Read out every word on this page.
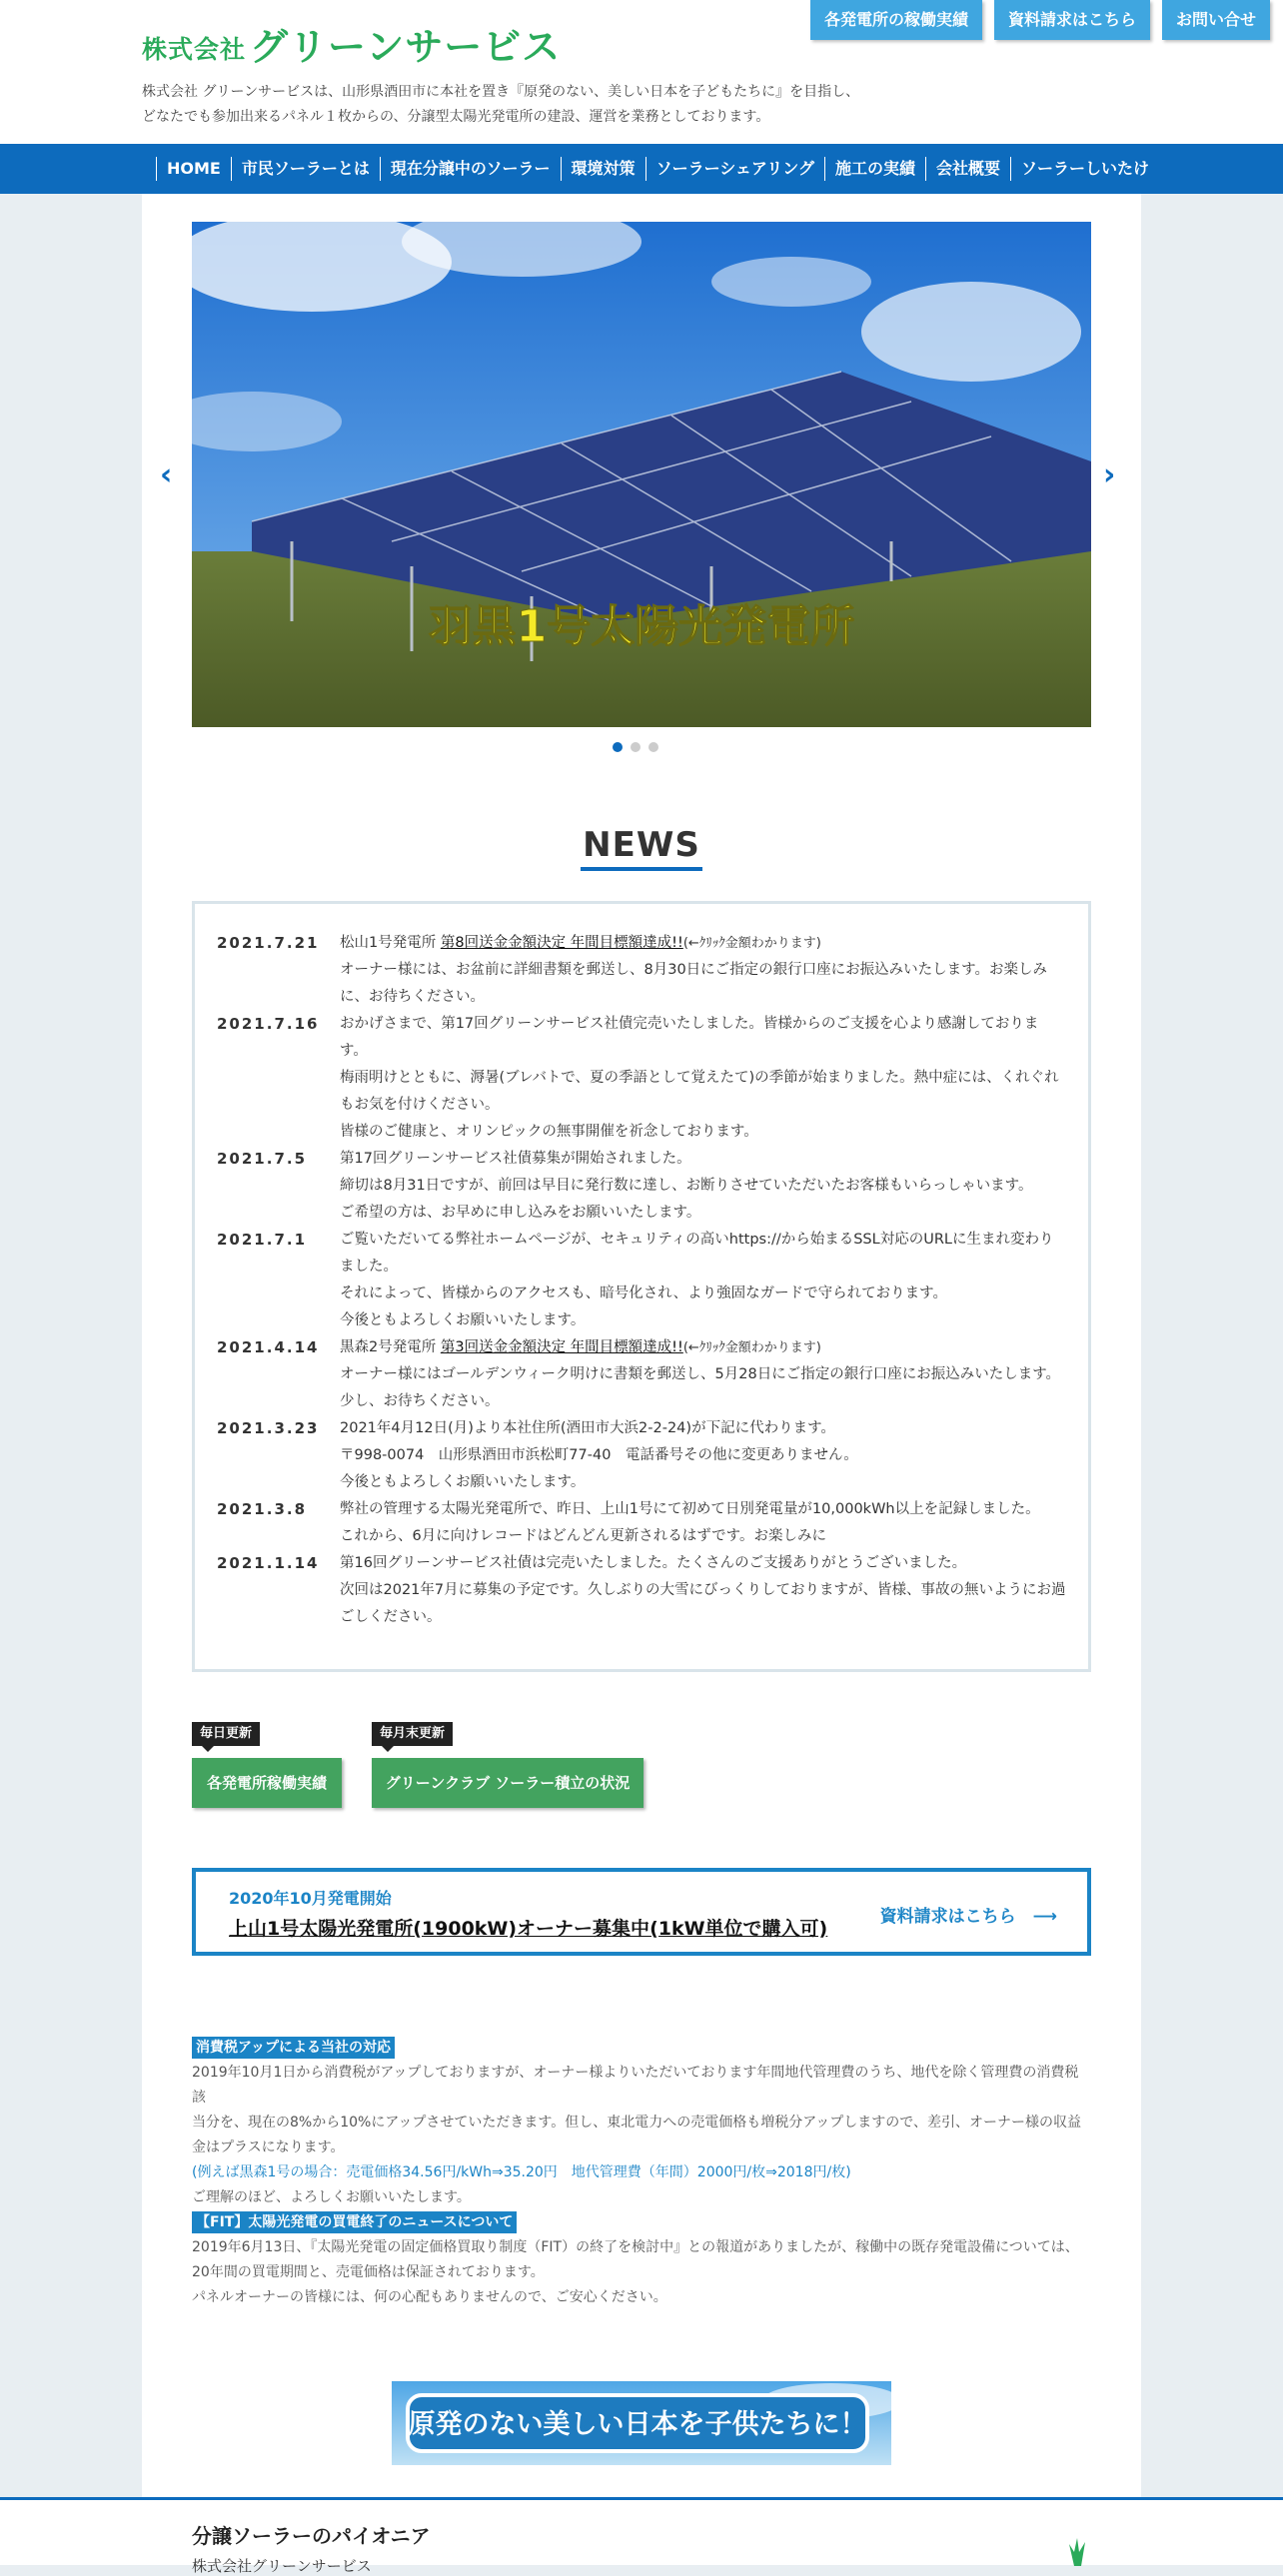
株式会社 グリーンサービス
株式会社 グリーンサービスは、山形県酒田市に本社を置き『原発のない、美しい日本を子どもたちに』を目指し、
どなたでも参加出来るパネル１枚からの、分譲型太陽光発電所の建設、運営を業務としております。
各発電所の稼働実績	資料請求はこちら	お問い合せ
HOME	市民ソーラーとは	現在分譲中のソーラー	環境対策	ソーラーシェアリング	施工の実績	会社概要	ソーラーしいたけ
羽黒1号太陽光発電所
‹	›
NEWS
2021.7.21	松山1号発電所 第8回送金金額決定 年間目標額達成!!(←ｸﾘｯｸ金額わかります)
オーナー様には、お盆前に詳細書類を郵送し、8月30日にご指定の銀行口座にお振込みいたします。お楽しみに、お待ちください。
2021.7.16	おかげさまで、第17回グリーンサービス社債完売いたしました。皆様からのご支援を心より感謝しております。
梅雨明けとともに、溽暑(ブレバトで、夏の季語として覚えたて)の季節が始まりました。熱中症には、くれぐれもお気を付けください。
皆様のご健康と、オリンピックの無事開催を祈念しております。
2021.7.5	第17回グリーンサービス社債募集が開始されました。
締切は8月31日ですが、前回は早目に発行数に達し、お断りさせていただいたお客様もいらっしゃいます。
ご希望の方は、お早めに申し込みをお願いいたします。
2021.7.1	ご覧いただいてる弊社ホームページが、セキュリティの高いhttps://から始まるSSL対応のURLに生まれ変わりました。
それによって、皆様からのアクセスも、暗号化され、より強固なガードで守られております。
今後ともよろしくお願いいたします。
2021.4.14	黒森2号発電所 第3回送金金額決定 年間目標額達成!!(←ｸﾘｯｸ金額わかります)
オーナー様にはゴールデンウィーク明けに書類を郵送し、5月28日にご指定の銀行口座にお振込みいたします。少し、お待ちください。
2021.3.23	2021年4月12日(月)より本社住所(酒田市大浜2-2-24)が下記に代わります。
〒998-0074　山形県酒田市浜松町77-40　電話番号その他に変更ありません。
今後ともよろしくお願いいたします。
2021.3.8	弊社の管理する太陽光発電所で、昨日、上山1号にて初めて日別発電量が10,000kWh以上を記録しました。
これから、6月に向けレコードはどんどん更新されるはずです。お楽しみに
2021.1.14	第16回グリーンサービス社債は完売いたしました。たくさんのご支援ありがとうございました。
次回は2021年7月に募集の予定です。久しぶりの大雪にびっくりしておりますが、皆様、事故の無いようにお過ごしください。
毎日更新
各発電所稼働実績
毎月末更新
グリーンクラブ ソーラー積立の状況
2020年10月発電開始
上山1号太陽光発電所(1900kW)オーナー募集中(1kW単位で購入可)
資料請求はこちら　 ⟶
消費税アップによる当社の対応
2019年10月1日から消費税がアップしておりますが、オーナー様よりいただいております年間地代管理費のうち、地代を除く管理費の消費税該
当分を、現在の8%から10%にアップさせていただきます。但し、東北電力への売電価格も増税分アップしますので、差引、オーナー様の収益
金はプラスになります。
(例えば黒森1号の場合：売電価格34.56円/kWh⇒35.20円　地代管理費（年間）2000円/枚⇒2018円/枚)
ご理解のほど、よろしくお願いいたします。
【FIT】太陽光発電の買電終了のニュースについて
2019年6月13日、『太陽光発電の固定価格買取り制度（FIT）の終了を検討中』との報道がありましたが、稼働中の既存発電設備については、
20年間の買電期間と、売電価格は保証されております。
パネルオーナーの皆様には、何の心配もありませんので、ご安心ください。
原発のない美しい日本を子供たちに！
分譲ソーラーのパイオニア
株式会社グリーンサービス
